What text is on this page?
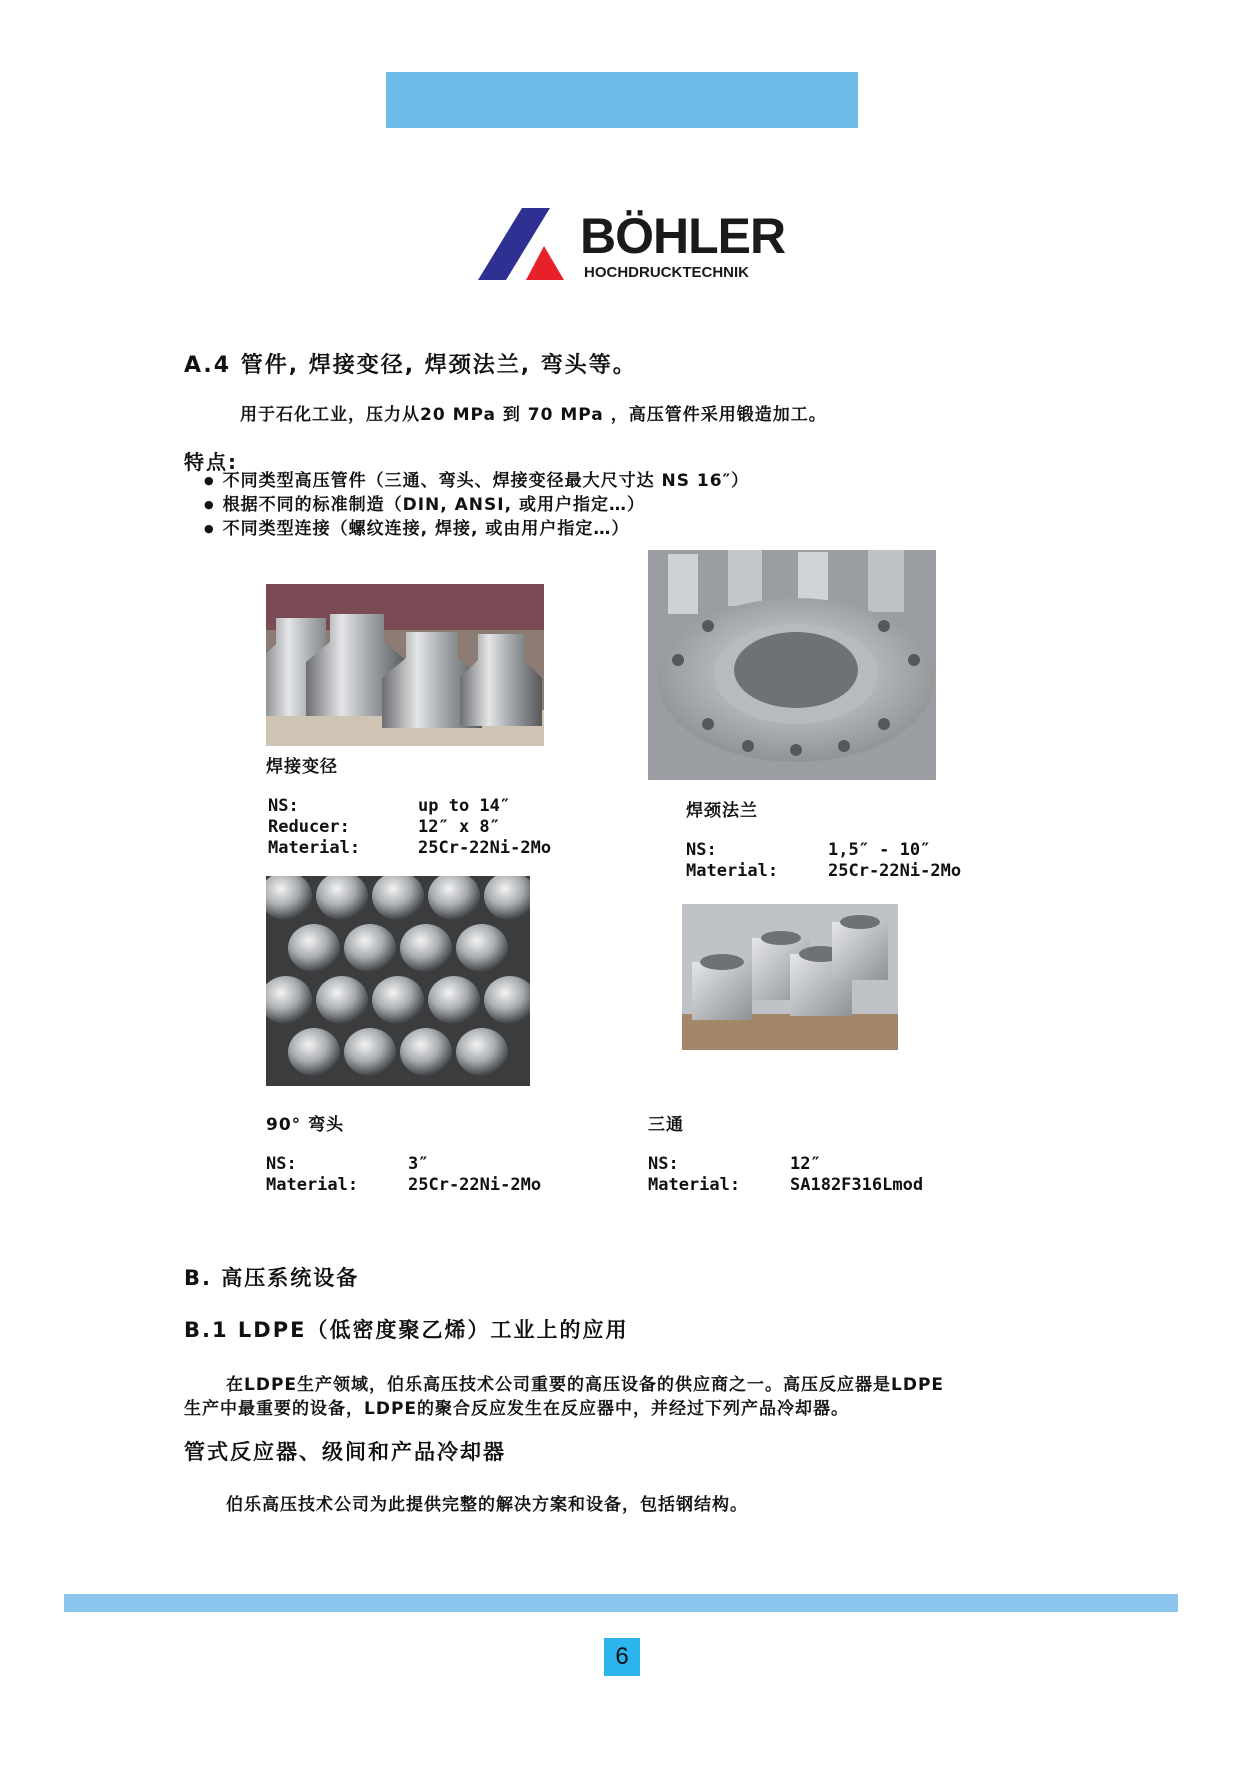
BÖHLER
HOCHDRUCKTECHNIK
A.4 管件, 焊接变径, 焊颈法兰, 弯头等。
用于石化工业，压力从20 MPa 到 70 MPa ，高压管件采用锻造加工。
特点:
● 不同类型高压管件（三通、弯头、焊接变径最大尺寸达 NS 16″）
● 根据不同的标准制造（DIN, ANSI, 或用户指定…）
● 不同类型连接（螺纹连接, 焊接, 或由用户指定…）
焊接变径
NS:	up to 14″
Reducer:	12″ x 8″
Material:	25Cr-22Ni-2Mo
焊颈法兰
NS:	1,5″ - 10″
Material:	25Cr-22Ni-2Mo
90° 弯头
NS:	3″
Material:	25Cr-22Ni-2Mo
三通
NS:	12″
Material:	SA182F316Lmod
B. 高压系统设备
B.1 LDPE（低密度聚乙烯）工业上的应用
在LDPE生产领域，伯乐高压技术公司重要的高压设备的供应商之一。高压反应器是LDPE
生产中最重要的设备，LDPE的聚合反应发生在反应器中，并经过下列产品冷却器。
管式反应器、级间和产品冷却器
伯乐高压技术公司为此提供完整的解决方案和设备，包括钢结构。
6
